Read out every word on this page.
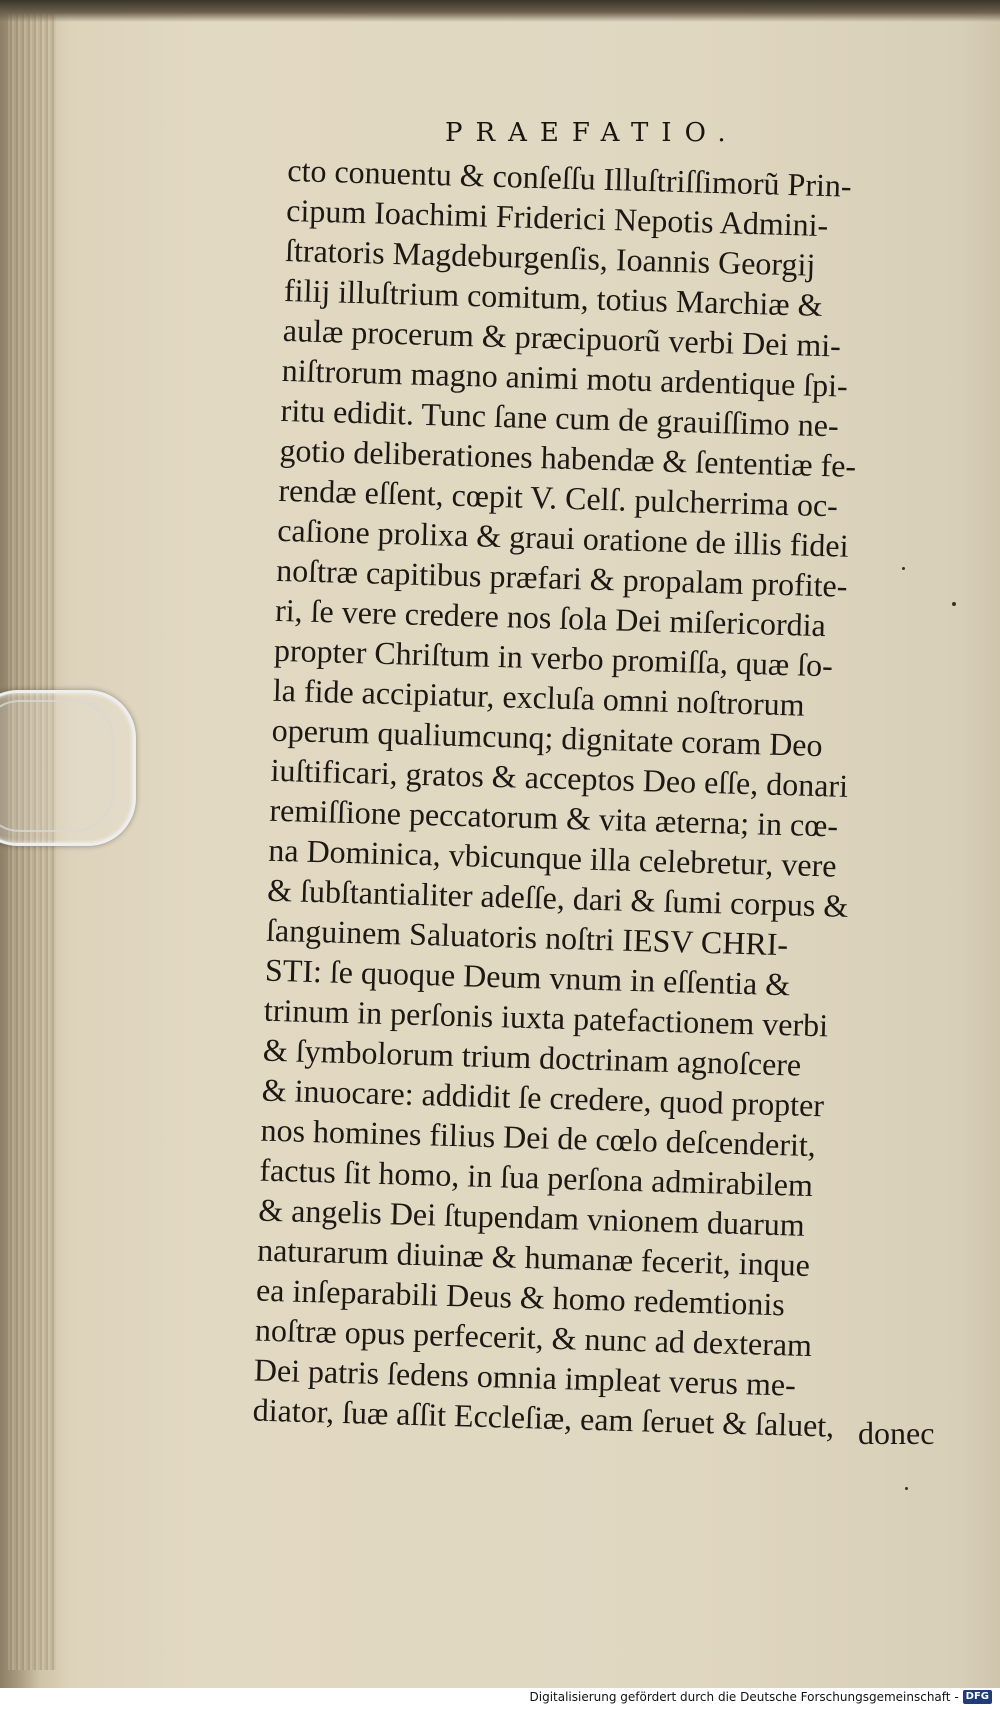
PRAEFATIO.
cto conuentu & conſeſſu Illuſtriſſimorũ Prin-
cipum Ioachimi Friderici Nepotis Admini-
ſtratoris Magdeburgenſis, Ioannis Georgij
filij illuſtrium comitum, totius Marchiæ &
aulæ procerum & præcipuorũ verbi Dei mi-
niſtrorum magno animi motu ardentique ſpi-
ritu edidit. Tunc ſane cum de grauiſſimo ne-
gotio deliberationes habendæ & ſententiæ fe-
rendæ eſſent, cœpit V. Celſ. pulcherrima oc-
caſione prolixa & graui oratione de illis fidei
noſtræ capitibus præfari & propalam profite-
ri, ſe vere credere nos ſola Dei miſericordia
propter Chriſtum in verbo promiſſa, quæ ſo-
la fide accipiatur, excluſa omni noſtrorum
operum qualiumcunq; dignitate coram Deo
iuſtificari, gratos & acceptos Deo eſſe, donari
remiſſione peccatorum & vita æterna; in cœ-
na Dominica, vbicunque illa celebretur, vere
& ſubſtantialiter adeſſe, dari & ſumi corpus &
ſanguinem Saluatoris noſtri IESV CHRI-
STI: ſe quoque Deum vnum in eſſentia &
trinum in perſonis iuxta patefactionem verbi
& ſymbolorum trium doctrinam agnoſcere
& inuocare: addidit ſe credere, quod propter
nos homines filius Dei de cœlo deſcenderit,
factus ſit homo, in ſua perſona admirabilem
& angelis Dei ſtupendam vnionem duarum
naturarum diuinæ & humanæ fecerit, inque
ea inſeparabili Deus & homo redemtionis
noſtræ opus perfecerit, & nunc ad dexteram
Dei patris ſedens omnia impleat verus me-
diator, ſuæ aſſit Eccleſiæ, eam ſeruet & ſaluet, donec
Digitalisierung gefördert durch die Deutsche Forschungsgemeinschaft - DFG
